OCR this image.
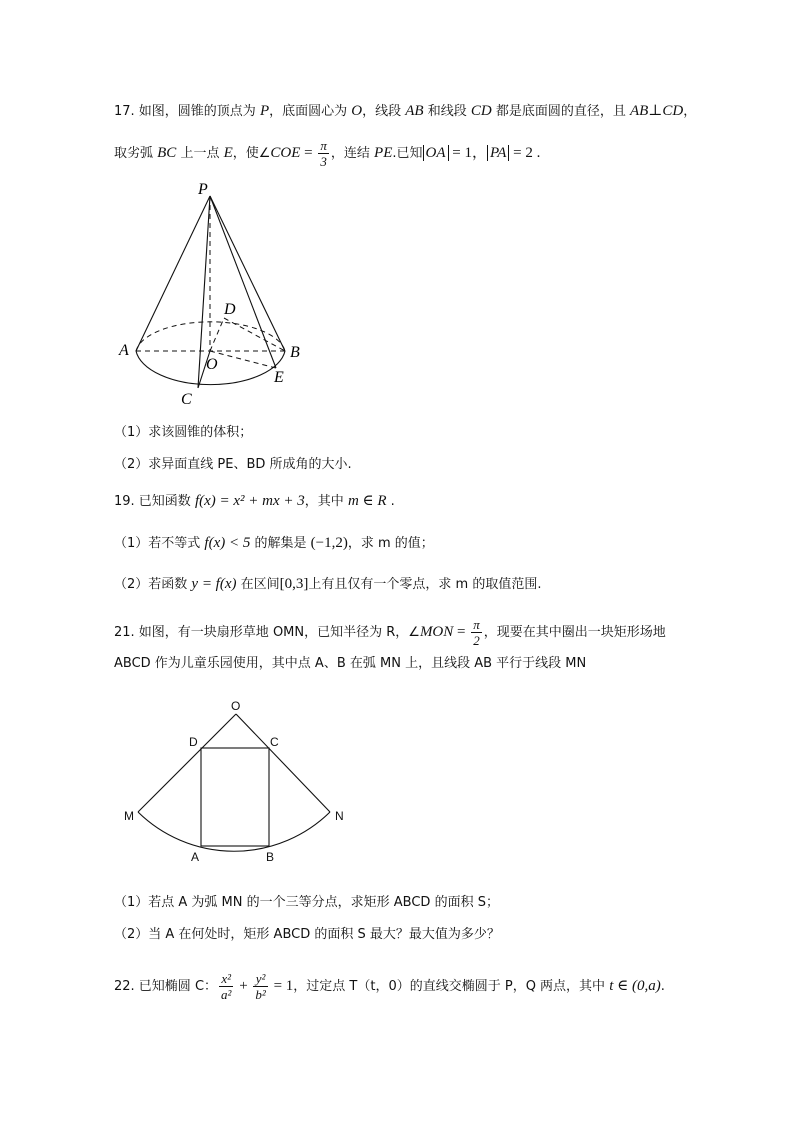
17. 如图，圆锥的顶点为 P，底面圆心为 O，线段 AB 和线段 CD 都是底面圆的直径，且 AB⊥CD，
取劣弧 BC 上一点 E，使∠COE = $\frac{\pi}{3}$ ，连结 PE.已知 OA = 1， PA = 2 .
P
D
A
O
B
E
C
（1）求该圆锥的体积；
（2）求异面直线 PE、BD 所成角的大小.
19. 已知函数 f(x) = x² + mx + 3，其中 m ∈ R .
（1）若不等式 f(x) < 5 的解集是 (−1,2)，求 m 的值；
（2）若函数 y = f(x) 在区间[0,3]上有且仅有一个零点，求 m 的取值范围.
21. 如图，有一块扇形草地 OMN，已知半径为 R，∠MON = $\frac{\pi}{2}$ ，现要在其中圈出一块矩形场地
ABCD 作为儿童乐园使用，其中点 A、B 在弧 MN 上，且线段 AB 平行于线段 MN
O
D	C
M	N
A	B
（1）若点 A 为弧 MN 的一个三等分点，求矩形 ABCD 的面积 S；
（2）当 A 在何处时，矩形 ABCD 的面积 S 最大？最大值为多少？
22. 已知椭圆 C： $\frac{\text{x²}}{\text{a²}} + \frac{\text{y²}}{\text{b²}} = 1$，过定点 T（t，0）的直线交椭圆于 P，Q 两点，其中 t ∈ (0,a).
